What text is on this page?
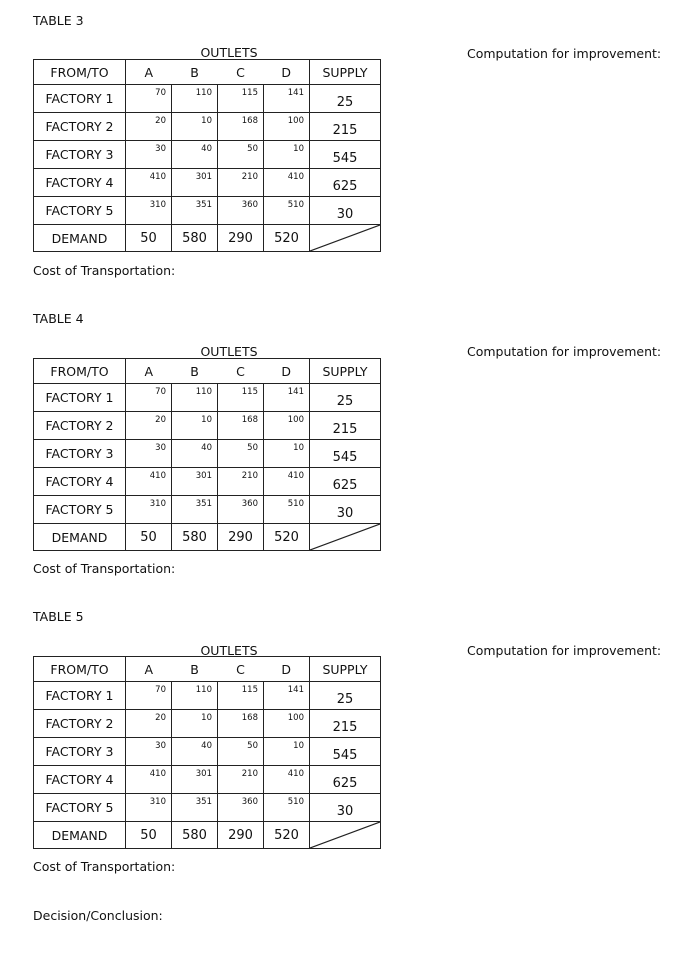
TABLE 3
Computation for improvement:
OUTLETS
FROM/TO	A	B	C	D	SUPPLY
FACTORY 1	70	110	115	141	25
FACTORY 2	20	10	168	100	215
FACTORY 3	30	40	50	10	545
FACTORY 4	410	301	210	410	625
FACTORY 5	310	351	360	510	30
DEMAND	50	580	290	520	
Cost of Transportation:
TABLE 4
Computation for improvement:
OUTLETS
FROM/TO	A	B	C	D	SUPPLY
FACTORY 1	70	110	115	141	25
FACTORY 2	20	10	168	100	215
FACTORY 3	30	40	50	10	545
FACTORY 4	410	301	210	410	625
FACTORY 5	310	351	360	510	30
DEMAND	50	580	290	520	
Cost of Transportation:
TABLE 5
Computation for improvement:
OUTLETS
FROM/TO	A	B	C	D	SUPPLY
FACTORY 1	70	110	115	141	25
FACTORY 2	20	10	168	100	215
FACTORY 3	30	40	50	10	545
FACTORY 4	410	301	210	410	625
FACTORY 5	310	351	360	510	30
DEMAND	50	580	290	520	
Cost of Transportation:
Decision/Conclusion:
